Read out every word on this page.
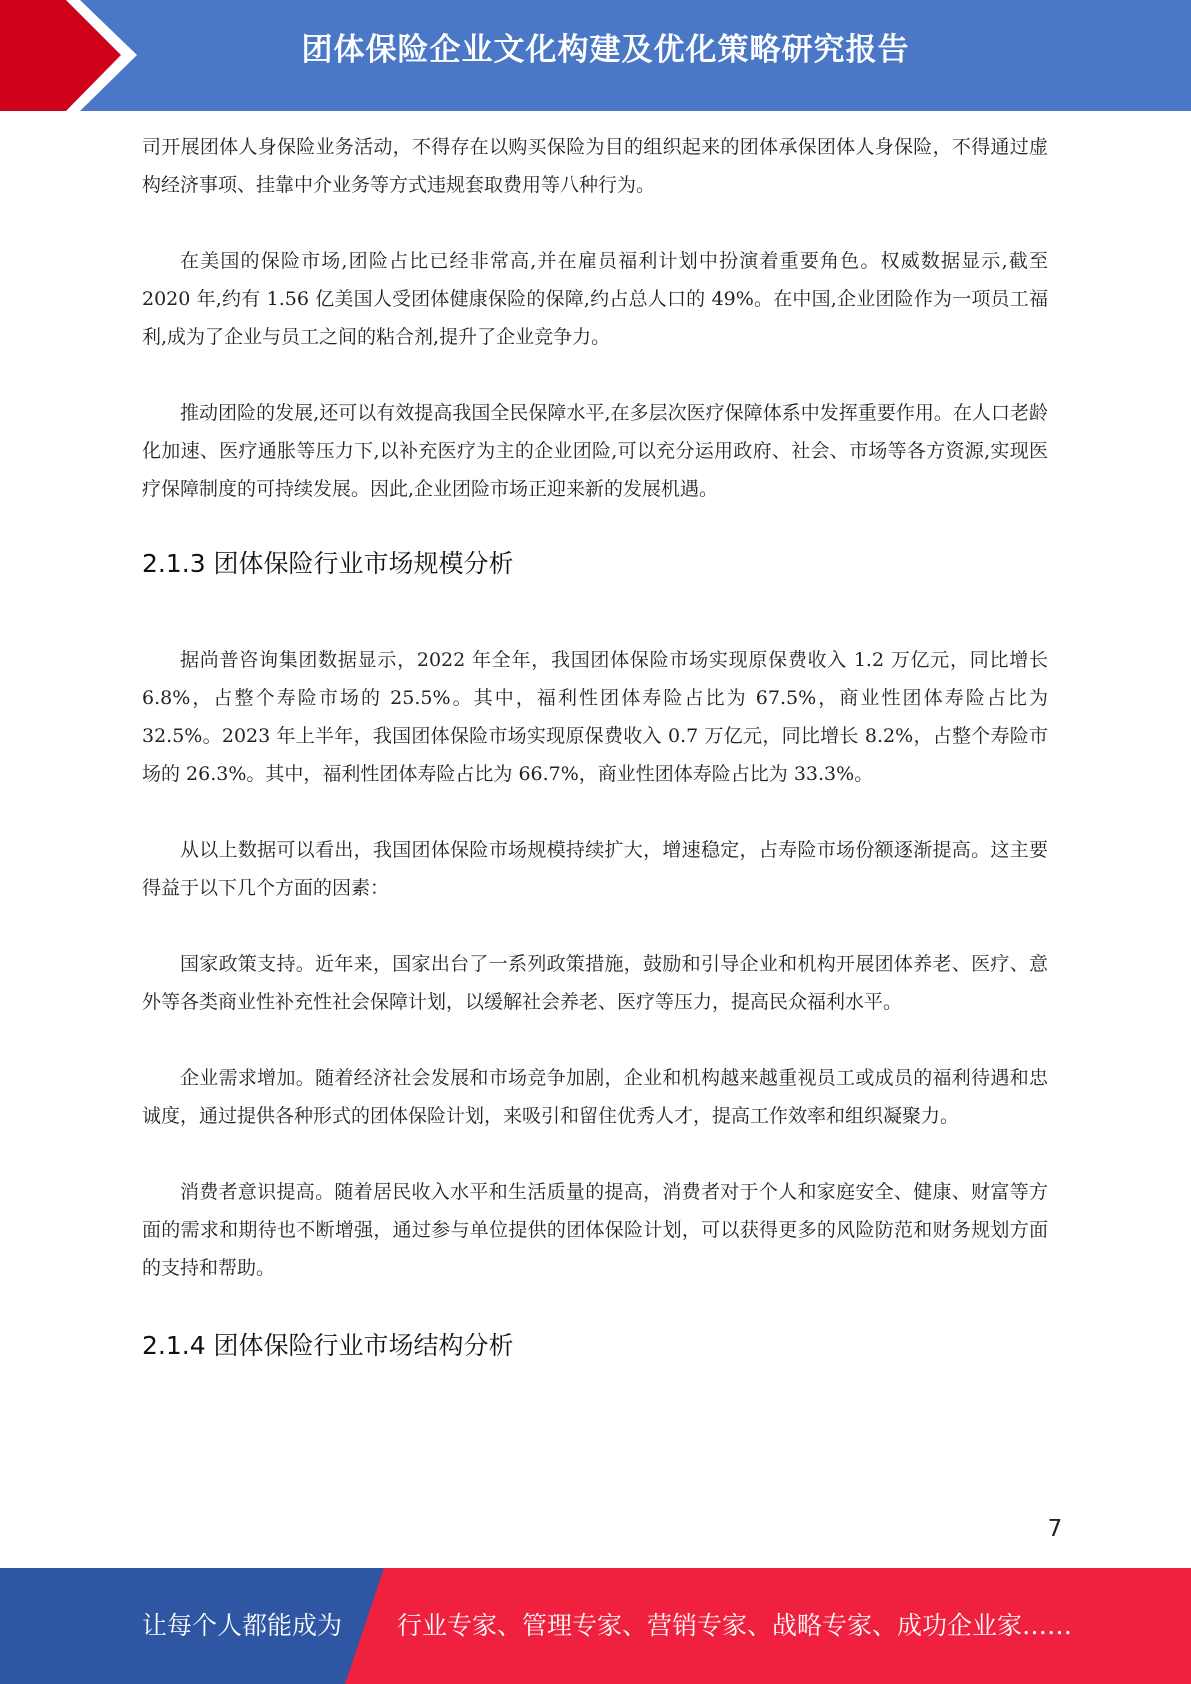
团体保险企业文化构建及优化策略研究报告

司开展团体人身保险业务活动，不得存在以购买保险为目的组织起来的团体承保团体人身保险，不得通过虚构经济事项、挂靠中介业务等方式违规套取费用等八种行为。

在美国的保险市场,团险占比已经非常高,并在雇员福利计划中扮演着重要角色。权威数据显示,截至 2020 年,约有 1.56 亿美国人受团体健康保险的保障,约占总人口的 49%。在中国,企业团险作为一项员工福利,成为了企业与员工之间的粘合剂,提升了企业竞争力。

推动团险的发展,还可以有效提高我国全民保障水平,在多层次医疗保障体系中发挥重要作用。在人口老龄化加速、医疗通胀等压力下,以补充医疗为主的企业团险,可以充分运用政府、社会、市场等各方资源,实现医疗保障制度的可持续发展。因此,企业团险市场正迎来新的发展机遇。

2.1.3 团体保险行业市场规模分析

据尚普咨询集团数据显示，2022 年全年，我国团体保险市场实现原保费收入 1.2 万亿元，同比增长 6.8%，占整个寿险市场的 25.5%。其中，福利性团体寿险占比为 67.5%，商业性团体寿险占比为 32.5%。2023 年上半年，我国团体保险市场实现原保费收入 0.7 万亿元，同比增长 8.2%，占整个寿险市场的 26.3%。其中，福利性团体寿险占比为 66.7%，商业性团体寿险占比为 33.3%。

从以上数据可以看出，我国团体保险市场规模持续扩大，增速稳定，占寿险市场份额逐渐提高。这主要得益于以下几个方面的因素：

国家政策支持。近年来，国家出台了一系列政策措施，鼓励和引导企业和机构开展团体养老、医疗、意外等各类商业性补充性社会保障计划，以缓解社会养老、医疗等压力，提高民众福利水平。

企业需求增加。随着经济社会发展和市场竞争加剧，企业和机构越来越重视员工或成员的福利待遇和忠诚度，通过提供各种形式的团体保险计划，来吸引和留住优秀人才，提高工作效率和组织凝聚力。

消费者意识提高。随着居民收入水平和生活质量的提高，消费者对于个人和家庭安全、健康、财富等方面的需求和期待也不断增强，通过参与单位提供的团体保险计划，可以获得更多的风险防范和财务规划方面的支持和帮助。

2.1.4 团体保险行业市场结构分析
7
让每个人都能成为 行业专家、管理专家、营销专家、战略专家、成功企业家……
